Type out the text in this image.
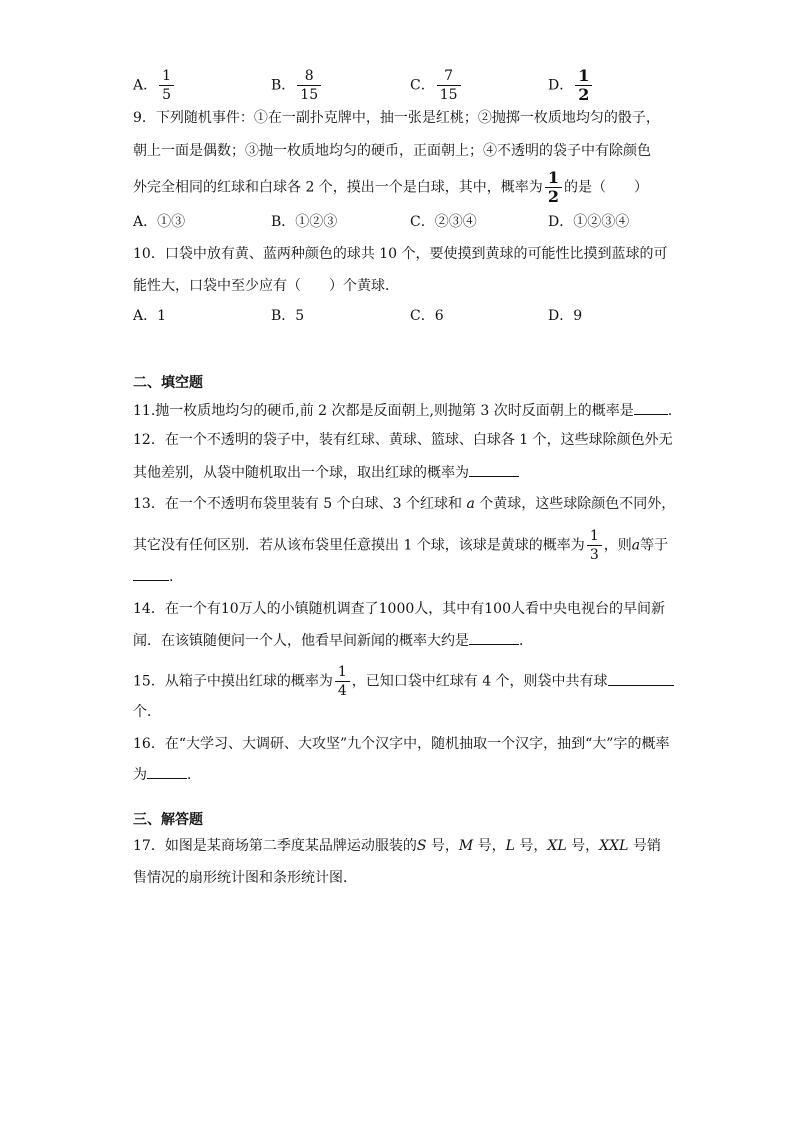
A． $\frac{1}{5}$	B． $\frac{8}{15}$	C． $\frac{7}{15}$	D． $\frac{1}{2}$
9．下列随机事件：①在一副扑克牌中，抽一张是红桃；②抛掷一枚质地均匀的骰子，
朝上一面是偶数；③抛一枚质地均匀的硬币，正面朝上；④不透明的袋子中有除颜色
外完全相同的红球和白球各 2 个，摸出一个是白球，其中，概率为 $\frac{1}{2}$ 的是（　　）
A．①③	B．①②③	C．②③④	D．①②③④
10．口袋中放有黄、蓝两种颜色的球共 10 个，要使摸到黄球的可能性比摸到蓝球的可
能性大，口袋中至少应有（　　）个黄球．
A．1	B．5	C．6	D．9
二、填空题
11.抛一枚质地均匀的硬币,前 2 次都是反面朝上,则抛第 3 次时反面朝上的概率是 .
12．在一个不透明的袋子中，装有红球、黄球、篮球、白球各 1 个，这些球除颜色外无
其他差别，从袋中随机取出一个球，取出红球的概率为
13．在一个不透明布袋里装有 5 个白球、3 个红球和 a 个黄球，这些球除颜色不同外，
其它没有任何区别．若从该布袋里任意摸出 1 个球，该球是黄球的概率为 $\frac{1}{3}$ ，则a等于
.
14．在一个有10万人的小镇随机调查了1000人，其中有100人看中央电视台的早间新
闻．在该镇随便问一个人，他看早间新闻的概率大约是	．
15．从箱子中摸出红球的概率为 $\frac{1}{4}$ ，已知口袋中红球有 4 个，则袋中共有球
个．
16．在“大学习、大调研、大攻坚”九个汉字中，随机抽取一个汉字，抽到“大”字的概率
为	．
三、解答题
17．如图是某商场第二季度某品牌运动服装的S 号，M 号，L 号，XL 号，XXL 号销
售情况的扇形统计图和条形统计图．
